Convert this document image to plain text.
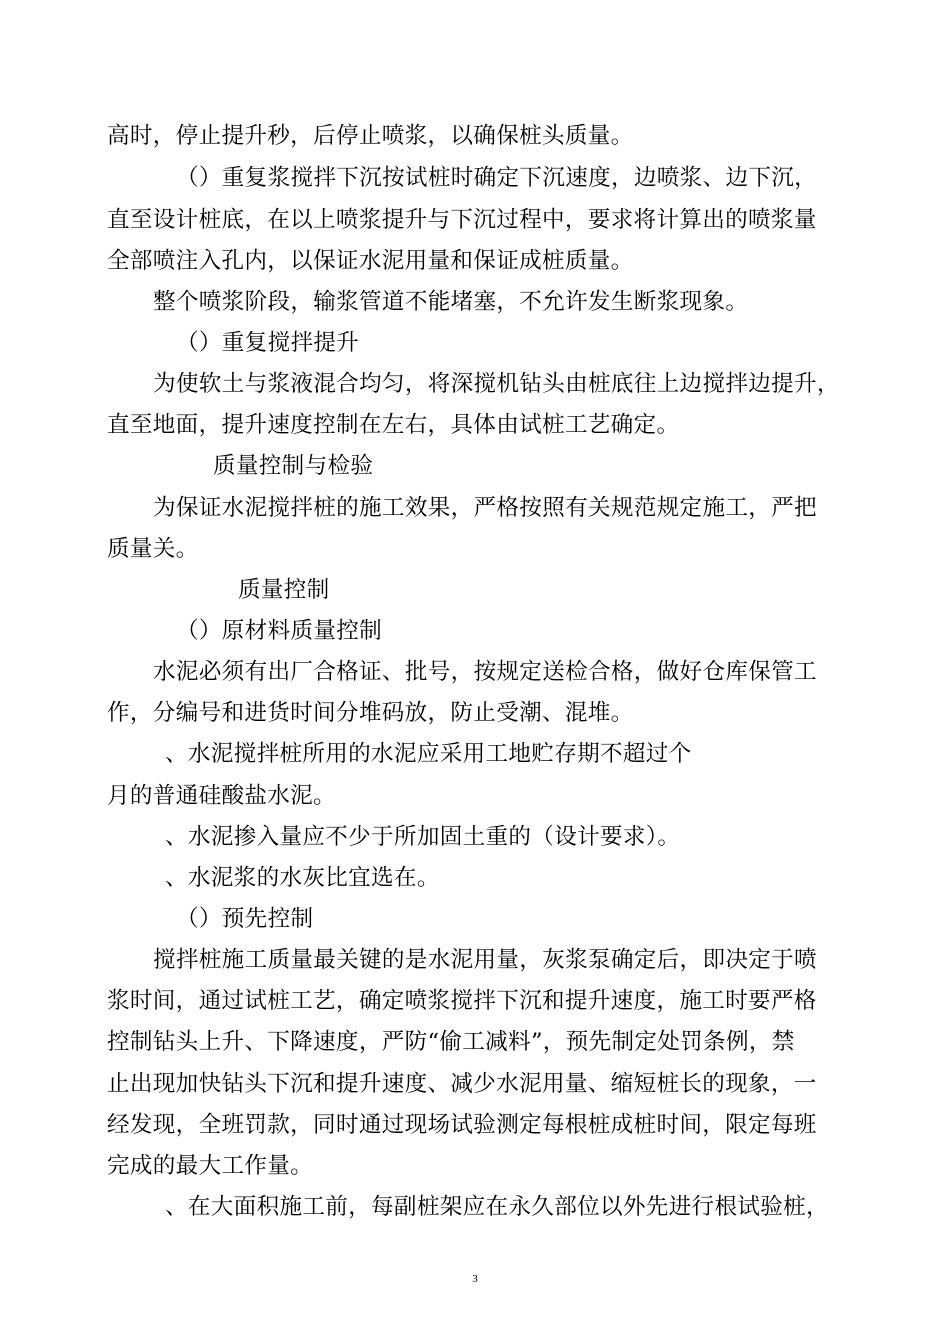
高时，停止提升秒，后停止喷浆，以确保桩头质量。
（）重复浆搅拌下沉按试桩时确定下沉速度，边喷浆、边下沉，
直至设计桩底，在以上喷浆提升与下沉过程中，要求将计算出的喷浆量
全部喷注入孔内，以保证水泥用量和保证成桩质量。
整个喷浆阶段，输浆管道不能堵塞，不允许发生断浆现象。
（）重复搅拌提升
为使软土与浆液混合均匀，将深搅机钻头由桩底往上边搅拌边提升，
直至地面，提升速度控制在左右，具体由试桩工艺确定。
质量控制与检验
为保证水泥搅拌桩的施工效果，严格按照有关规范规定施工，严把
质量关。
质量控制
（）原材料质量控制
水泥必须有出厂合格证、批号，按规定送检合格，做好仓库保管工
作，分编号和进货时间分堆码放，防止受潮、混堆。
、水泥搅拌桩所用的水泥应采用工地贮存期不超过个
月的普通硅酸盐水泥。
、水泥掺入量应不少于所加固土重的（设计要求）。
、水泥浆的水灰比宜选在。
（）预先控制
搅拌桩施工质量最关键的是水泥用量，灰浆泵确定后，即决定于喷
浆时间，通过试桩工艺，确定喷浆搅拌下沉和提升速度，施工时要严格
控制钻头上升、下降速度，严防“偷工减料”，预先制定处罚条例，禁
止出现加快钻头下沉和提升速度、减少水泥用量、缩短桩长的现象，一
经发现，全班罚款，同时通过现场试验测定每根桩成桩时间，限定每班
完成的最大工作量。
、在大面积施工前，每副桩架应在永久部位以外先进行根试验桩，
3
